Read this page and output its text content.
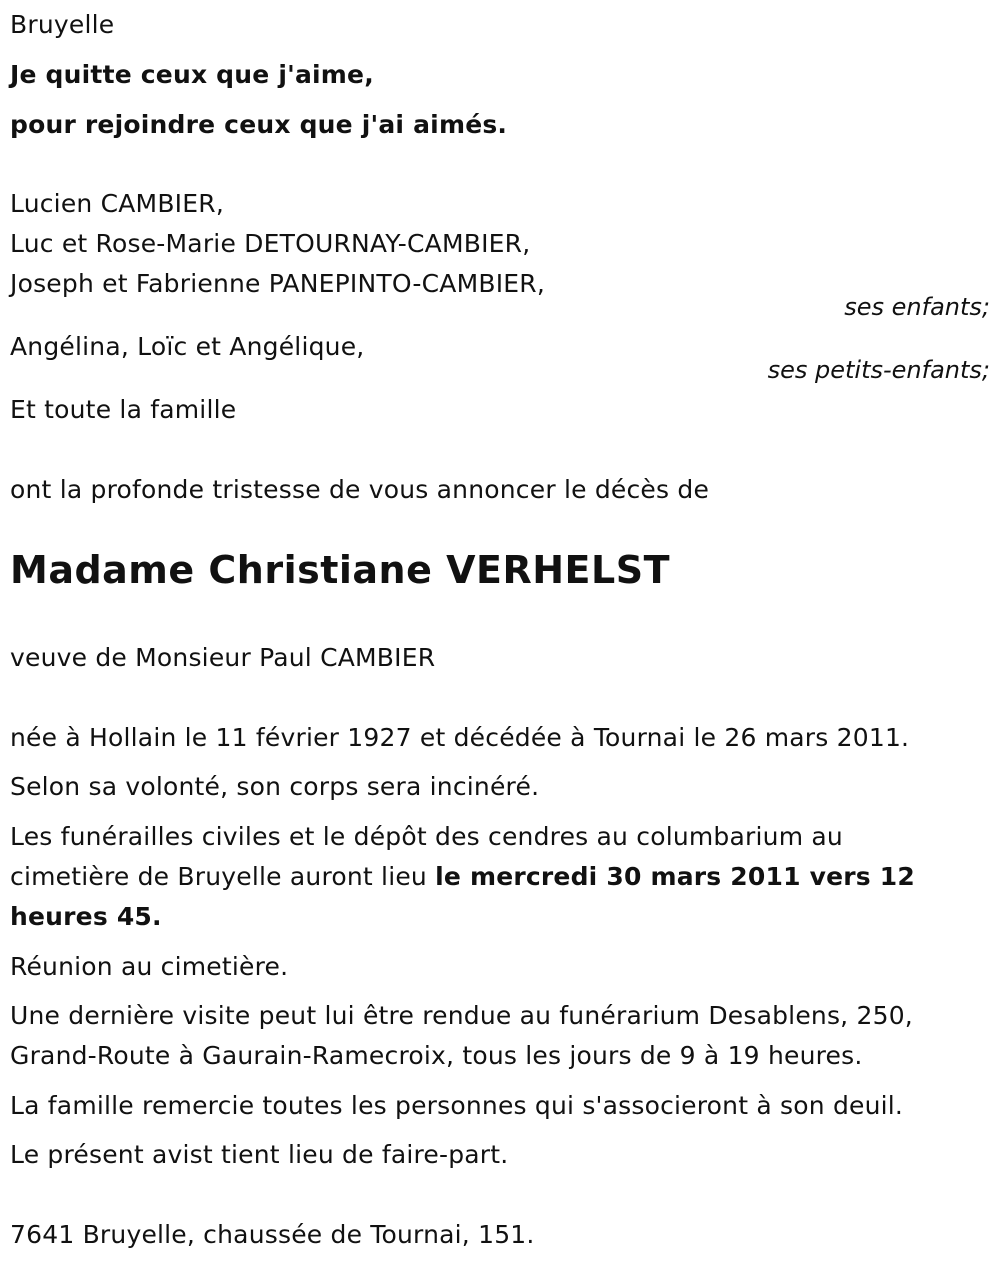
Bruyelle
Je quitte ceux que j'aime,
pour rejoindre ceux que j'ai aimés.
Lucien CAMBIER,
Luc et Rose-Marie DETOURNAY-CAMBIER,
Joseph et Fabrienne PANEPINTO-CAMBIER,
ses enfants;
Angélina, Loïc et Angélique,
ses petits-enfants;
Et toute la famille
ont la profonde tristesse de vous annoncer le décès de
Madame Christiane VERHELST
veuve de Monsieur Paul CAMBIER
née à Hollain le 11 février 1927 et décédée à Tournai le 26 mars 2011.
Selon sa volonté, son corps sera incinéré.
Les funérailles civiles et le dépôt des cendres au columbarium au cimetière de Bruyelle auront lieu le mercredi 30 mars 2011 vers 12 heures 45.
Réunion au cimetière.
Une dernière visite peut lui être rendue au funérarium Desablens, 250, Grand-Route à Gaurain-Ramecroix, tous les jours de 9 à 19 heures.
La famille remercie toutes les personnes qui s'associeront à son deuil.
Le présent avist tient lieu de faire-part.
7641 Bruyelle, chaussée de Tournai, 151.
